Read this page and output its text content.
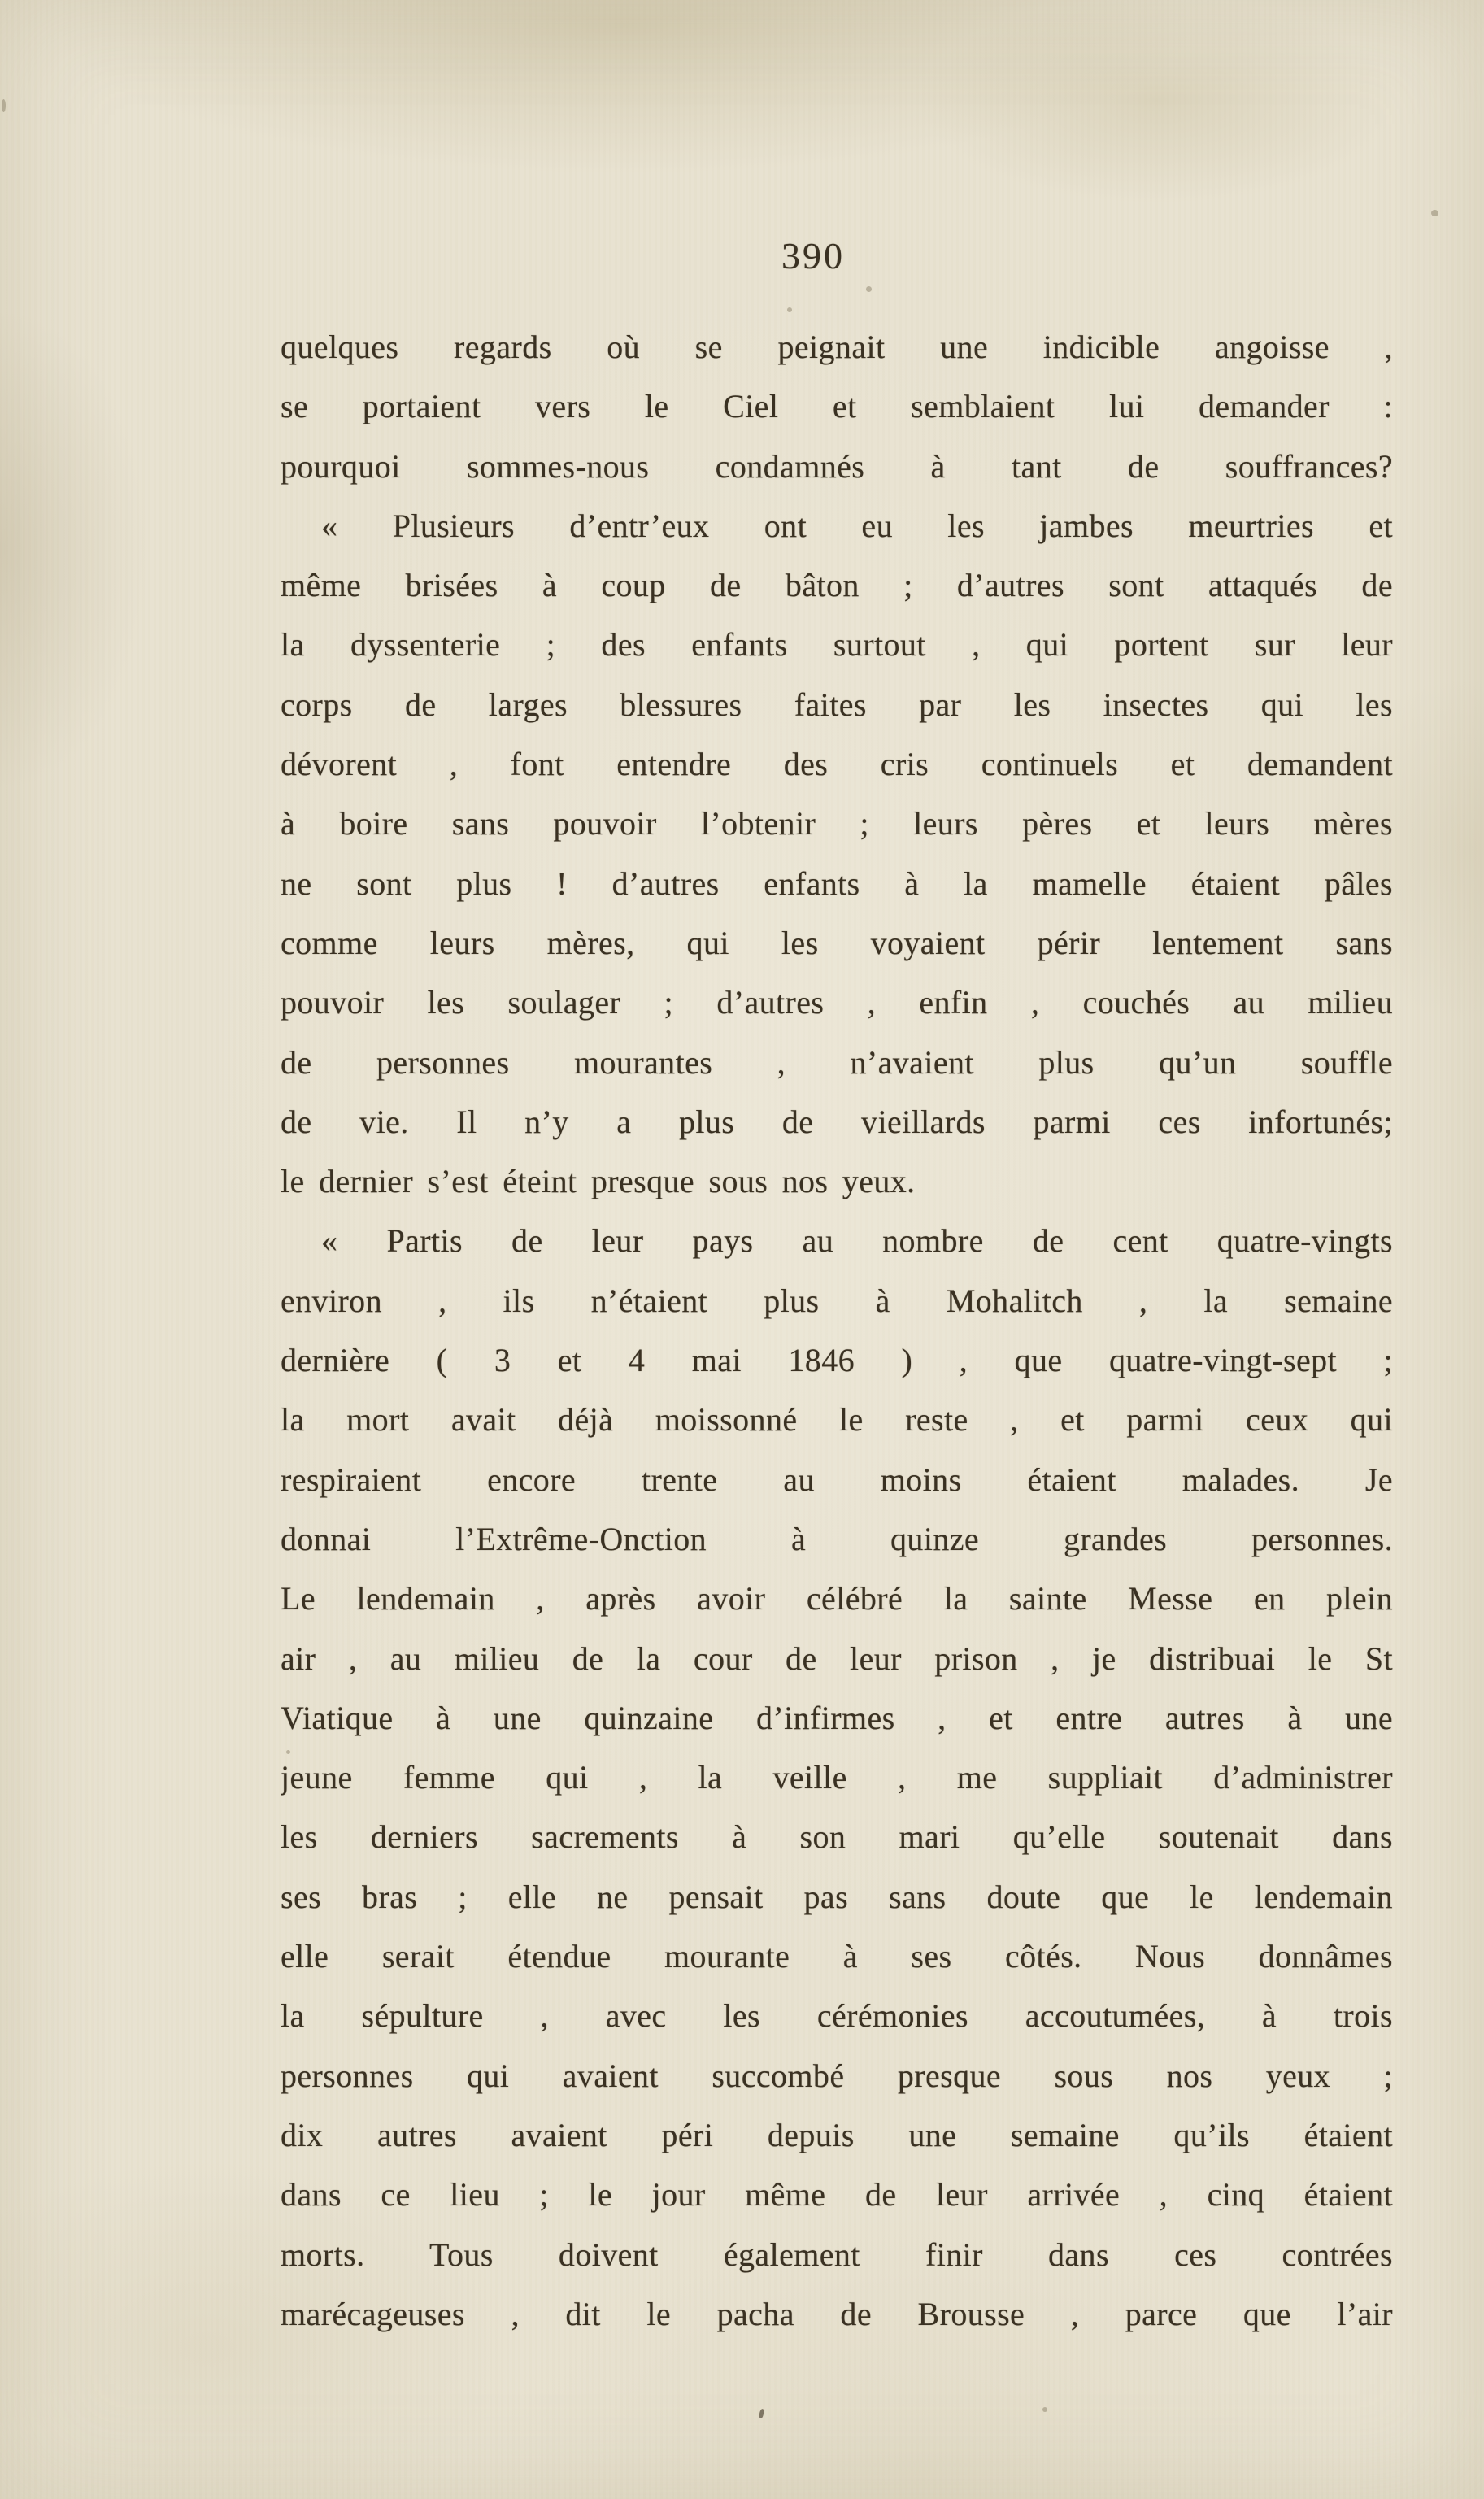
390
quelques regards où se peignait une indicible angoisse ,
se portaient vers le Ciel et semblaient lui demander :
pourquoi sommes-nous condamnés à tant de souffrances?
« Plusieurs d’entr’eux ont eu les jambes meurtries et
même brisées à coup de bâton ; d’autres sont attaqués de
la dyssenterie ; des enfants surtout , qui portent sur leur
corps de larges blessures faites par les insectes qui les
dévorent , font entendre des cris continuels et demandent
à boire sans pouvoir l’obtenir ; leurs pères et leurs mères
ne sont plus ! d’autres enfants à la mamelle étaient pâles
comme leurs mères, qui les voyaient périr lentement sans
pouvoir les soulager ; d’autres , enfin , couchés au milieu
de personnes mourantes , n’avaient plus qu’un souffle
de vie. Il n’y a plus de vieillards parmi ces infortunés;
le dernier s’est éteint presque sous nos yeux.
« Partis de leur pays au nombre de cent quatre-vingts
environ , ils n’étaient plus à Mohalitch , la semaine
dernière ( 3 et 4 mai 1846 ) , que quatre-vingt-sept ;
la mort avait déjà moissonné le reste , et parmi ceux qui
respiraient encore trente au moins étaient malades. Je
donnai l’Extrême-Onction à quinze grandes personnes.
Le lendemain , après avoir célébré la sainte Messe en plein
air , au milieu de la cour de leur prison , je distribuai le St
Viatique à une quinzaine d’infirmes , et entre autres à une
jeune femme qui , la veille , me suppliait d’administrer
les derniers sacrements à son mari qu’elle soutenait dans
ses bras ; elle ne pensait pas sans doute que le lendemain
elle serait étendue mourante à ses côtés. Nous donnâmes
la sépulture , avec les cérémonies accoutumées, à trois
personnes qui avaient succombé presque sous nos yeux ;
dix autres avaient péri depuis une semaine qu’ils étaient
dans ce lieu ; le jour même de leur arrivée , cinq étaient
morts. Tous doivent également finir dans ces contrées
marécageuses , dit le pacha de Brousse , parce que l’air
